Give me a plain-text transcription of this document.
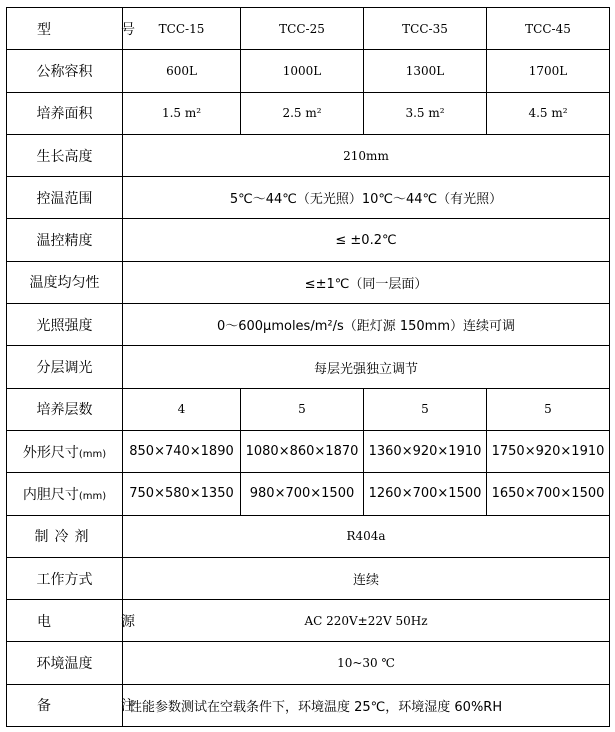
型　号	TCC-15	TCC-25	TCC-35	TCC-45
公称容积	600L	1000L	1300L	1700L
培养面积	1.5 m²	2.5 m²	3.5 m²	4.5 m²
生长高度	210mm			
控温范围	5℃～44℃（无光照）10℃～44℃（有光照）			
温控精度	≤ ±0.2℃			
温度均匀性	≤±1℃（同一层面）			
光照强度	0～600μmoles/m²/s（距灯源 150mm）连续可调			
分层调光	每层光强独立调节			
培养层数	4	5	5	5
外形尺寸(mm)	850×740×1890	1080×860×1870	1360×920×1910	1750×920×1910
内胆尺寸(mm)	750×580×1350	980×700×1500	1260×700×1500	1650×700×1500
制冷剂	R404a			
工作方式	连续			
电　源	AC 220V±22V 50Hz			
环境温度	10~30 ℃			
备　注	性能参数测试在空载条件下，环境温度 25℃，环境湿度 60%RH			
